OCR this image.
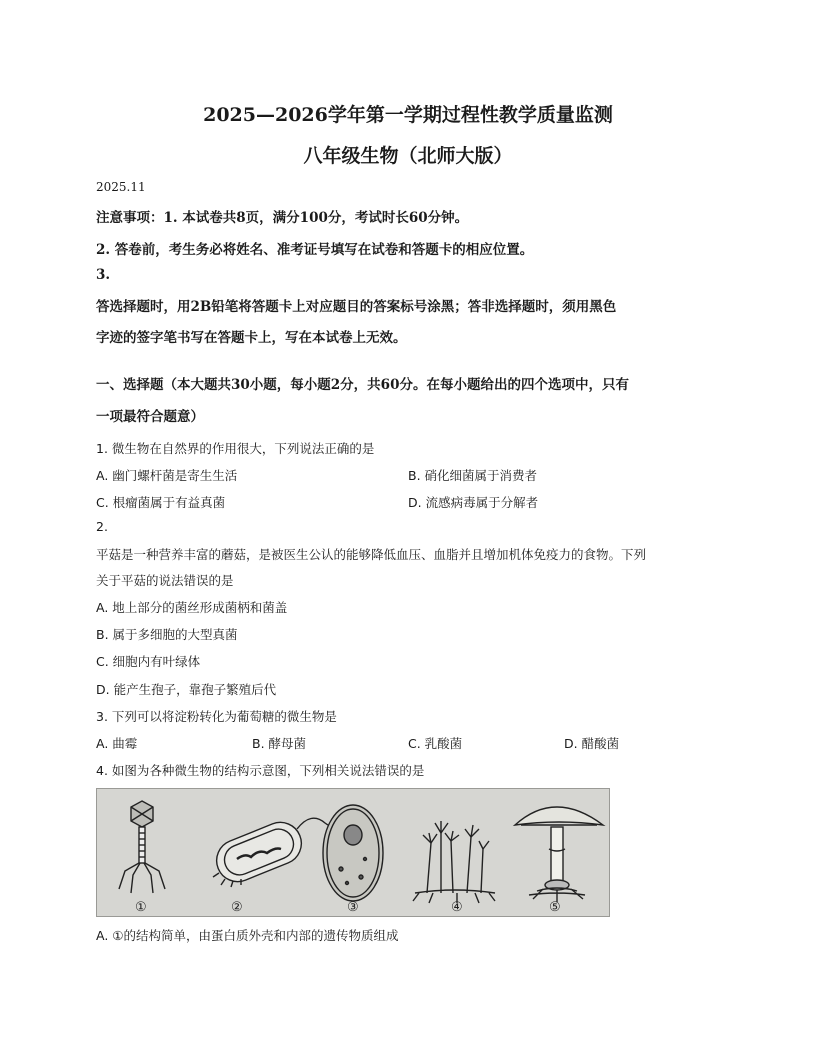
2025—2026学年第一学期过程性教学质量监测
八年级生物（北师大版）
2025.11
注意事项：1. 本试卷共8页，满分100分，考试时长60分钟。
2. 答卷前，考生务必将姓名、准考证号填写在试卷和答题卡的相应位置。
3.
答选择题时，用2B铅笔将答题卡上对应题目的答案标号涂黑；答非选择题时，须用黑色
字迹的签字笔书写在答题卡上，写在本试卷上无效。
一、选择题（本大题共30小题，每小题2分，共60分。在每小题给出的四个选项中，只有
一项最符合题意）
1. 微生物在自然界的作用很大，下列说法正确的是
A. 幽门螺杆菌是寄生生活	B. 硝化细菌属于消费者
C. 根瘤菌属于有益真菌	D. 流感病毒属于分解者
2.
平菇是一种营养丰富的蘑菇，是被医生公认的能够降低血压、血脂并且增加机体免疫力的食物。下列
关于平菇的说法错误的是
A. 地上部分的菌丝形成菌柄和菌盖
B. 属于多细胞的大型真菌
C. 细胞内有叶绿体
D. 能产生孢子，靠孢子繁殖后代
3. 下列可以将淀粉转化为葡萄糖的微生物是
A. 曲霉	B. 酵母菌	C. 乳酸菌	D. 醋酸菌
4. 如图为各种微生物的结构示意图，下列相关说法错误的是
①	②	③	④	⑤
A. ①的结构简单，由蛋白质外壳和内部的遗传物质组成
